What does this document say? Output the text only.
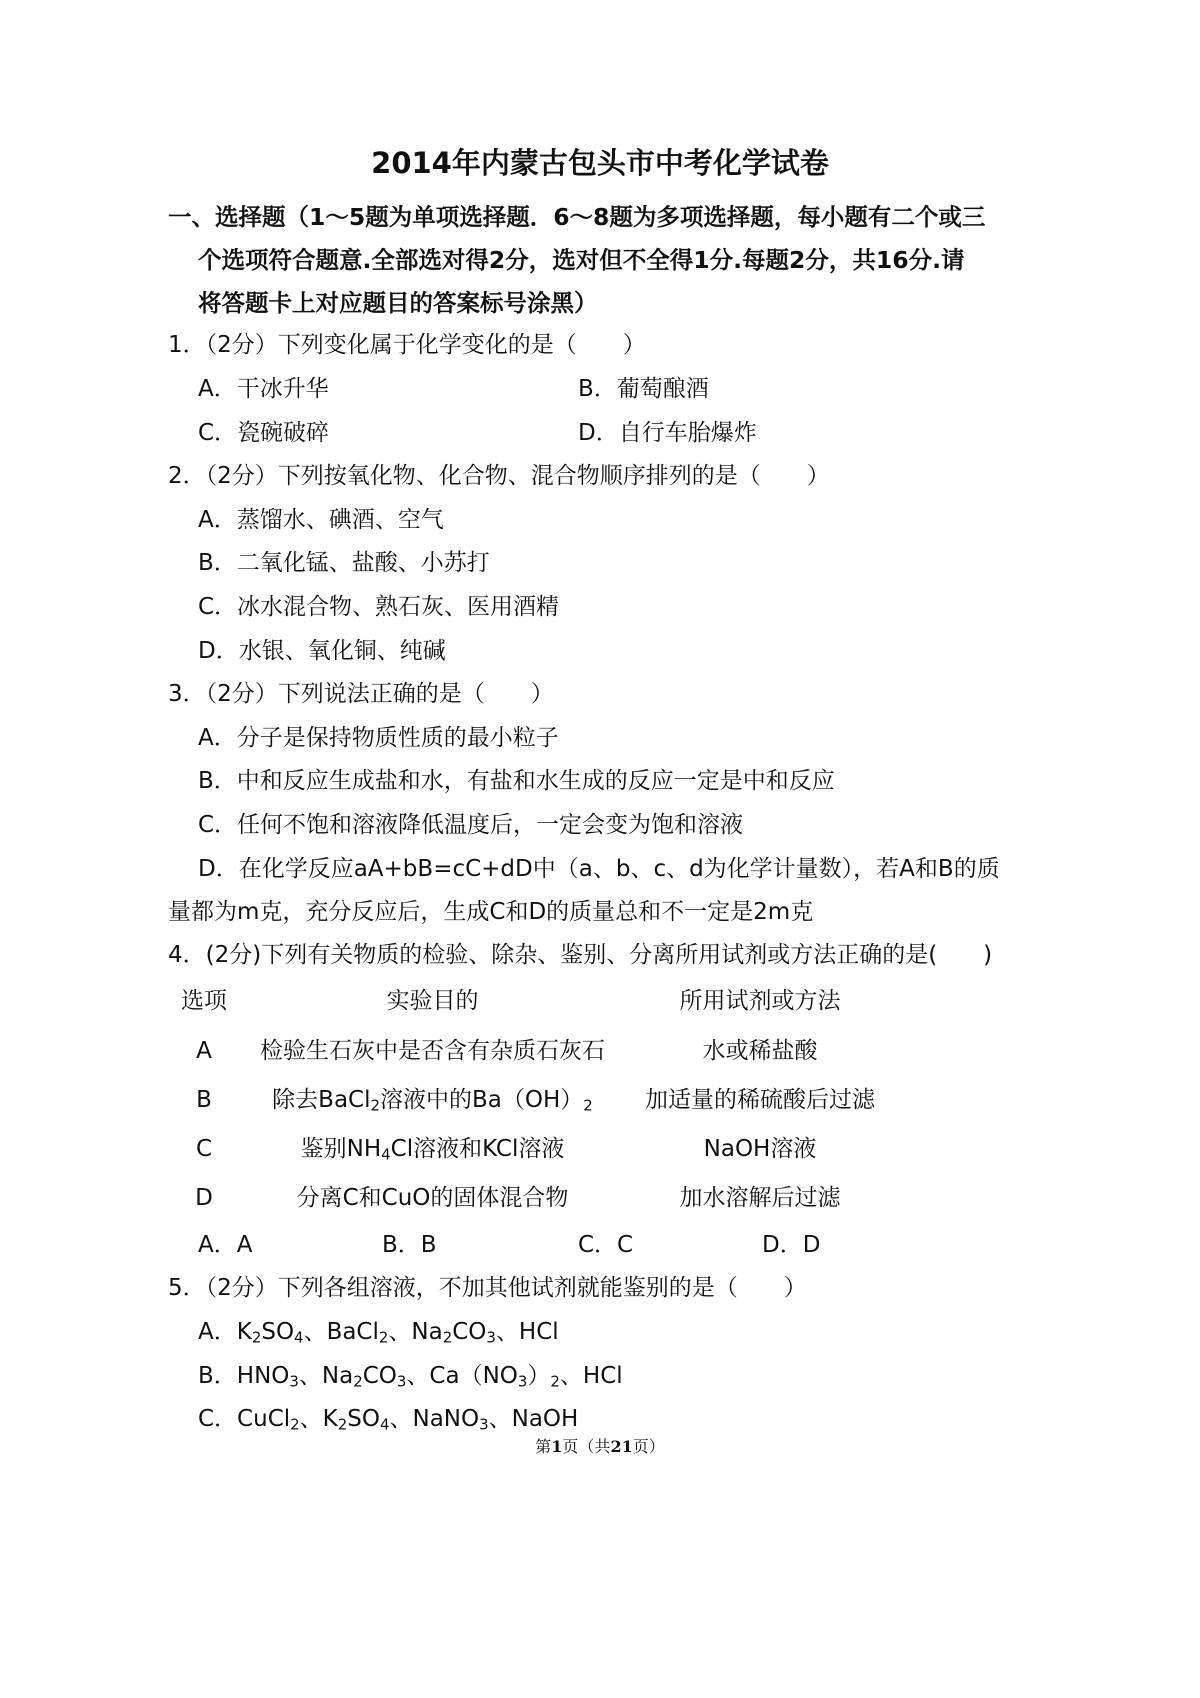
2014年内蒙古包头市中考化学试卷
一、选择题（1～5题为单项选择题．6～8题为多项选择题，每小题有二个或三
个选项符合题意.全部选对得2分，选对但不全得1分.每题2分，共16分.请
将答题卡上对应题目的答案标号涂黑）
1．（2分）下列变化属于化学变化的是（　　）
A．干冰升华	B．葡萄酿酒
C．瓷碗破碎	D．自行车胎爆炸
2．（2分）下列按氧化物、化合物、混合物顺序排列的是（　　）
A．蒸馏水、碘酒、空气
B．二氧化锰、盐酸、小苏打
C．冰水混合物、熟石灰、医用酒精
D．水银、氧化铜、纯碱
3．（2分）下列说法正确的是（　　）
A．分子是保持物质性质的最小粒子
B．中和反应生成盐和水，有盐和水生成的反应一定是中和反应
C．任何不饱和溶液降低温度后，一定会变为饱和溶液
D．在化学反应aA+bB=cC+dD中（a、b、c、d为化学计量数），若A和B的质
量都为m克，充分反应后，生成C和D的质量总和不一定是2m克
4．(2分)下列有关物质的检验、除杂、鉴别、分离所用试剂或方法正确的是(　　)
选项	实验目的	所用试剂或方法
A	检验生石灰中是否含有杂质石灰石	水或稀盐酸
B	除去BaCl$_2$溶液中的$Ba(OH)_2$	加适量的稀硫酸后过滤
C	鉴别$NH_4Cl$溶液和KCl溶液	NaOH溶液
D	分离C和CuO的固体混合物	加水溶解后过滤
A．A	B．B	C．C	D．D
5．（2分）下列各组溶液，不加其他试剂就能鉴别的是（　　）
A．$K_2SO_4$、BaCl$_2$、$Na_2CO_3$、HCl
B．$HNO_3$、$Na_2CO_3$、$Ca(NO_3)_2$、HCl
C．CuCl$_2$、$K_2SO_4$、NaNO$_3$、NaOH
第1页（共21页）
